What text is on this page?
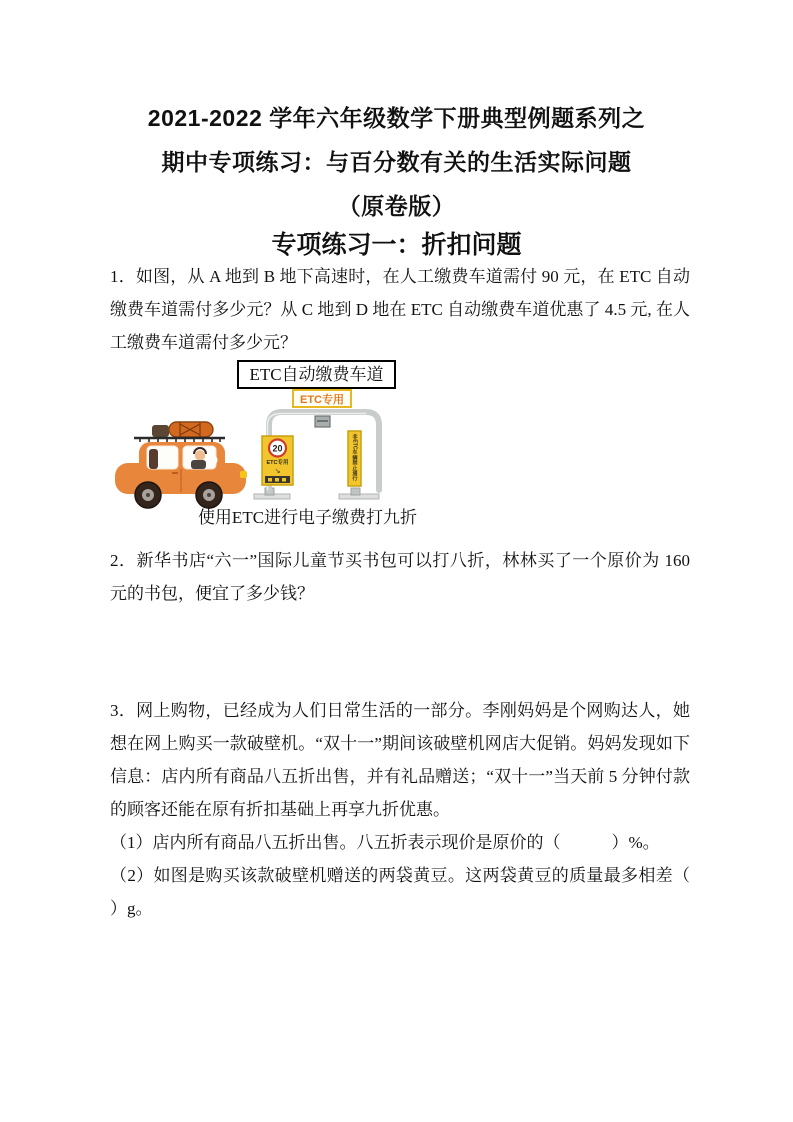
2021-2022 学年六年级数学下册典型例题系列之
期中专项练习：与百分数有关的生活实际问题
（原卷版）
专项练习一：折扣问题

1．如图，从 A 地到 B 地下高速时，在人工缴费车道需付 90 元，在 ETC 自动缴费车道需付多少元？从 C 地到 D 地在 ETC 自动缴费车道优惠了 4.5 元, 在人工缴费车道需付多少元？

ETC自动缴费车道
ETC专用
20
ETC专用
↘	非ETC车辆禁止通行
使用ETC进行电子缴费打九折

2．新华书店“六一”国际儿童节买书包可以打八折，林林买了一个原价为 160 元的书包，便宜了多少钱？

3．网上购物，已经成为人们日常生活的一部分。李刚妈妈是个网购达人，她想在网上购买一款破壁机。“双十一”期间该破壁机网店大促销。妈妈发现如下信息：店内所有商品八五折出售，并有礼品赠送；“双十一”当天前 5 分钟付款的顾客还能在原有折扣基础上再享九折优惠。

（1）店内所有商品八五折出售。八五折表示现价是原价的（　　　）%。

（2）如图是购买该款破壁机赠送的两袋黄豆。这两袋黄豆的质量最多相差（　　　）g。
